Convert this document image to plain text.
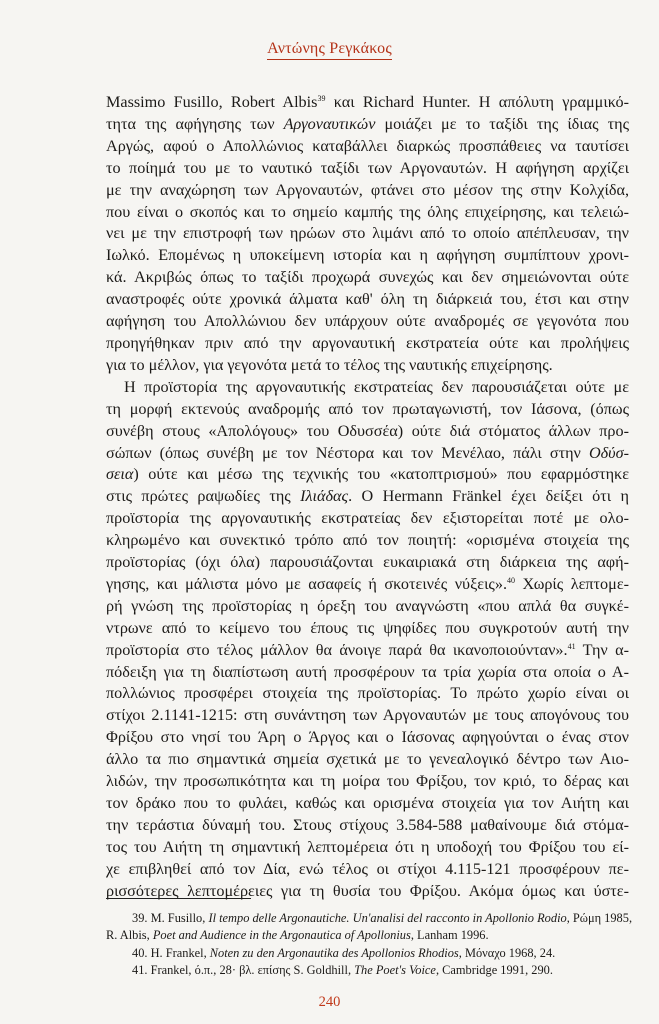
Αντώνης Ρεγκάκος
Massimo Fusillo, Robert Albis$^{39}$ και Richard Hunter. Η απόλυτη γραμμικό-
τητα της αφήγησης των Αργοναυτικών μοιάζει με το ταξίδι της ίδιας της
Αργώς, αφού ο Απολλώνιος καταβάλλει διαρκώς προσπάθειες να ταυτίσει
το ποίημά του με το ναυτικό ταξίδι των Αργοναυτών. Η αφήγηση αρχίζει
με την αναχώρηση των Αργοναυτών, φτάνει στο μέσον της στην Κολχίδα,
που είναι ο σκοπός και το σημείο καμπής της όλης επιχείρησης, και τελειώ-
νει με την επιστροφή των ηρώων στο λιμάνι από το οποίο απέπλευσαν, την
Ιωλκό. Επομένως η υποκείμενη ιστορία και η αφήγηση συμπίπτουν χρονι-
κά. Ακριβώς όπως το ταξίδι προχωρά συνεχώς και δεν σημειώνονται ούτε
αναστροφές ούτε χρονικά άλματα καθ' όλη τη διάρκειά του, έτσι και στην
αφήγηση του Απολλώνιου δεν υπάρχουν ούτε αναδρομές σε γεγονότα που
προηγήθηκαν πριν από την αργοναυτική εκστρατεία ούτε και προλήψεις
για το μέλλον, για γεγονότα μετά το τέλος της ναυτικής επιχείρησης.
Η προϊστορία της αργοναυτικής εκστρατείας δεν παρουσιάζεται ούτε με
τη μορφή εκτενούς αναδρομής από τον πρωταγωνιστή, τον Ιάσονα, (όπως
συνέβη στους «Απολόγους» του Οδυσσέα) ούτε διά στόματος άλλων προ-
σώπων (όπως συνέβη με τον Νέστορα και τον Μενέλαο, πάλι στην Οδύσ-
σεια) ούτε και μέσω της τεχνικής του «κατοπτρισμού» που εφαρμόστηκε
στις πρώτες ραψωδίες της Ιλιάδας. Ο Hermann Fränkel έχει δείξει ότι η
προϊστορία της αργοναυτικής εκστρατείας δεν εξιστορείται ποτέ με ολο-
κληρωμένο και συνεκτικό τρόπο από τον ποιητή: «ορισμένα στοιχεία της
προϊστορίας (όχι όλα) παρουσιάζονται ευκαιριακά στη διάρκεια της αφή-
γησης, και μάλιστα μόνο με ασαφείς ή σκοτεινές νύξεις».$^{40}$ Χωρίς λεπτομε-
ρή γνώση της προϊστορίας η όρεξη του αναγνώστη «που απλά θα συγκέ-
ντρωνε από το κείμενο του έπους τις ψηφίδες που συγκροτούν αυτή την
προϊστορία στο τέλος μάλλον θα άνοιγε παρά θα ικανοποιούνταν».$^{41}$ Την α-
πόδειξη για τη διαπίστωση αυτή προσφέρουν τα τρία χωρία στα οποία ο Α-
πολλώνιος προσφέρει στοιχεία της προϊστορίας. Το πρώτο χωρίο είναι οι
στίχοι 2.1141-1215: στη συνάντηση των Αργοναυτών με τους απογόνους του
Φρίξου στο νησί του Άρη ο Άργος και ο Ιάσονας αφηγούνται ο ένας στον
άλλο τα πιο σημαντικά σημεία σχετικά με το γενεαλογικό δέντρο των Αιο-
λιδών, την προσωπικότητα και τη μοίρα του Φρίξου, τον κριό, το δέρας και
τον δράκο που το φυλάει, καθώς και ορισμένα στοιχεία για τον Αιήτη και
την τεράστια δύναμή του. Στους στίχους 3.584-588 μαθαίνουμε διά στόμα-
τος του Αιήτη τη σημαντική λεπτομέρεια ότι η υποδοχή του Φρίξου του εί-
χε επιβληθεί από τον Δία, ενώ τέλος οι στίχοι 4.115-121 προσφέρουν πε-
ρισσότερες λεπτομέρειες για τη θυσία του Φρίξου. Ακόμα όμως και ύστε-
39. M. Fusillo, Il tempo delle Argonautiche. Un'analisi del racconto in Apollonio Rodio, Ρώμη 1985,
R. Albis, Poet and Audience in the Argonautica of Apollonius, Lanham 1996.
40. H. Frankel, Noten zu den Argonautika des Apollonios Rhodios, Μόναχο 1968, 24.
41. Frankel, ό.π., 28· βλ. επίσης S. Goldhill, The Poet's Voice, Cambridge 1991, 290.
240
